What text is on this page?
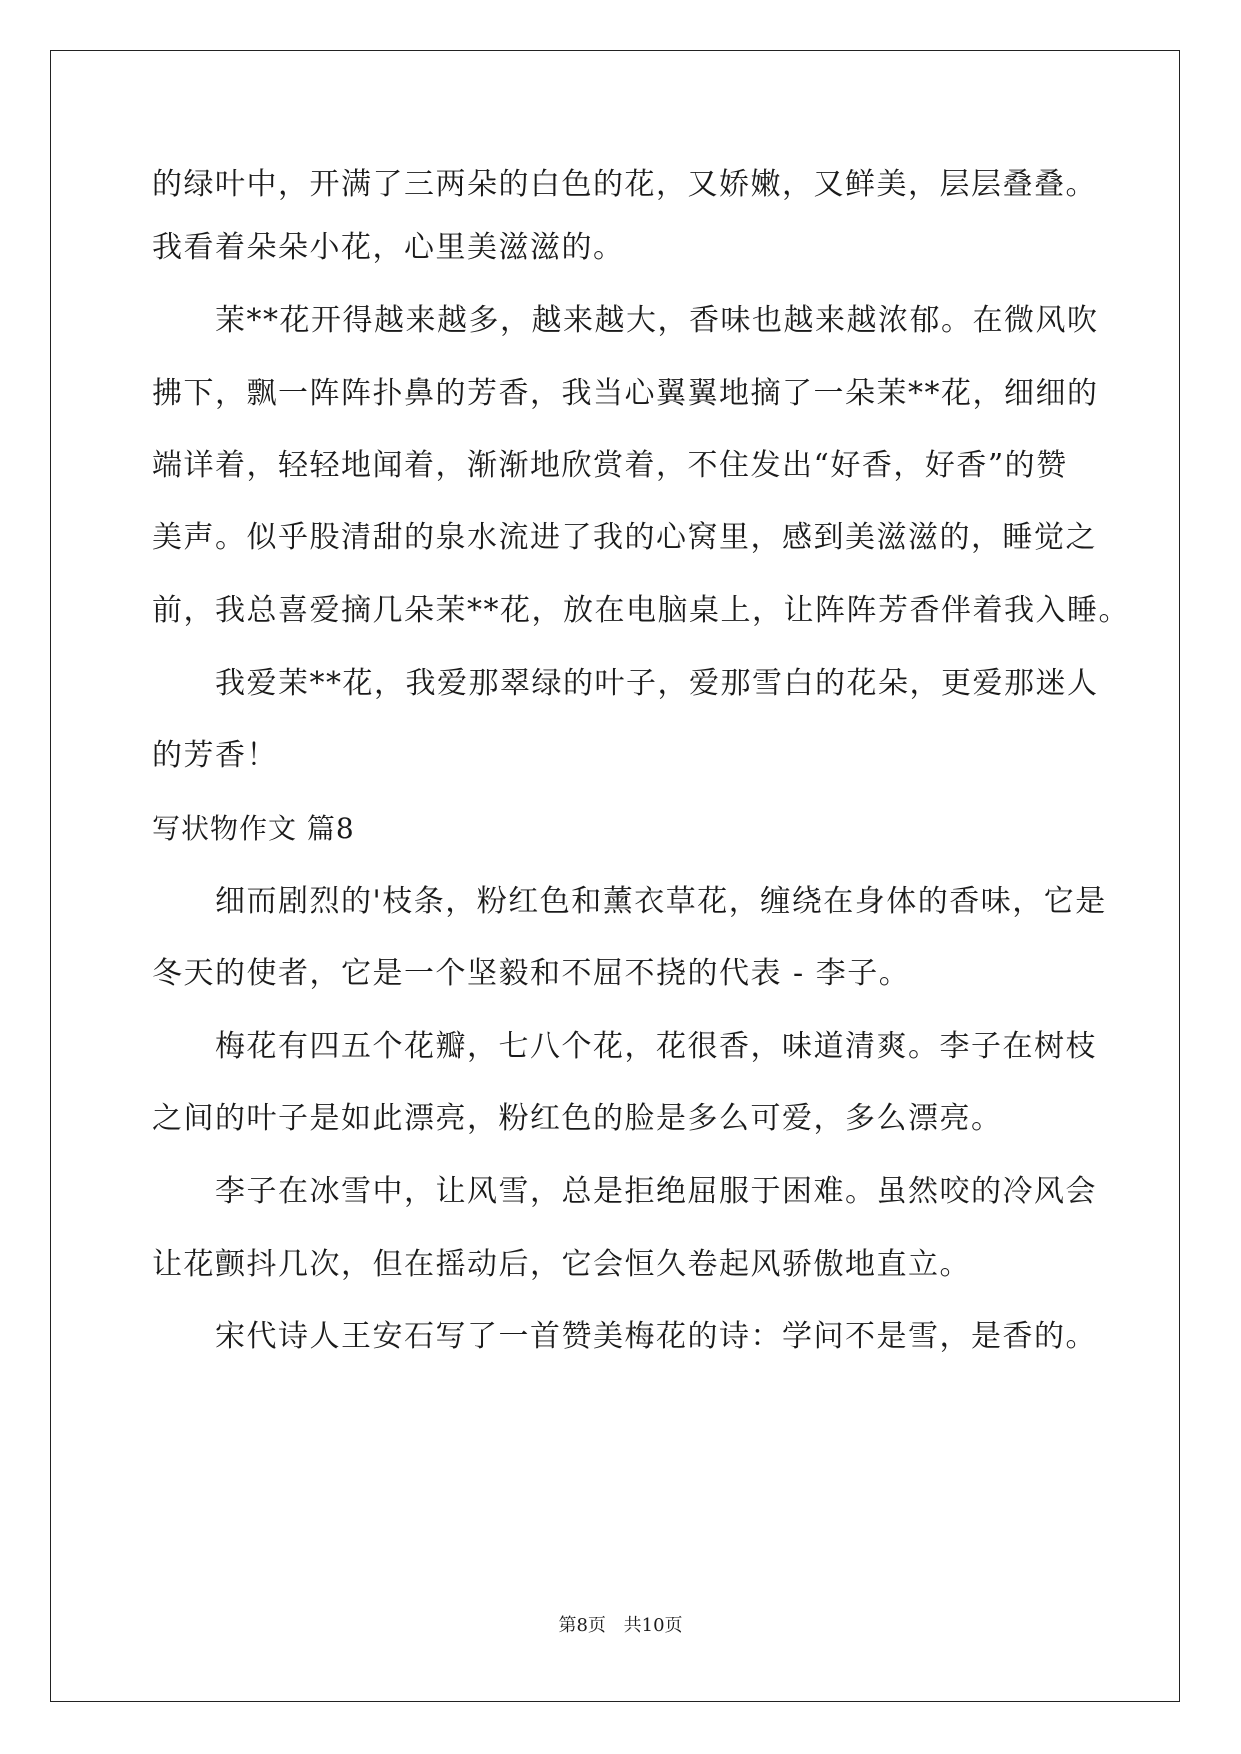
的绿叶中，开满了三两朵的白色的花，又娇嫩，又鲜美，层层叠叠。
我看着朵朵小花，心里美滋滋的。
茉**花开得越来越多，越来越大，香味也越来越浓郁。在微风吹
拂下，飘一阵阵扑鼻的芳香，我当心翼翼地摘了一朵茉**花，细细的
端详着，轻轻地闻着，渐渐地欣赏着，不住发出“好香，好香”的赞
美声。似乎股清甜的泉水流进了我的心窝里，感到美滋滋的，睡觉之
前，我总喜爱摘几朵茉**花，放在电脑桌上，让阵阵芳香伴着我入睡。
我爱茉**花，我爱那翠绿的叶子，爱那雪白的花朵，更爱那迷人
的芳香！
写状物作文 篇8
细而剧烈的'枝条，粉红色和薰衣草花，缠绕在身体的香味，它是
冬天的使者，它是一个坚毅和不屈不挠的代表 - 李子。
梅花有四五个花瓣，七八个花，花很香，味道清爽。李子在树枝
之间的叶子是如此漂亮，粉红色的脸是多么可爱，多么漂亮。
李子在冰雪中，让风雪，总是拒绝屈服于困难。虽然咬的冷风会
让花颤抖几次，但在摇动后，它会恒久卷起风骄傲地直立。
宋代诗人王安石写了一首赞美梅花的诗：学问不是雪，是香的。
第8页 共10页
